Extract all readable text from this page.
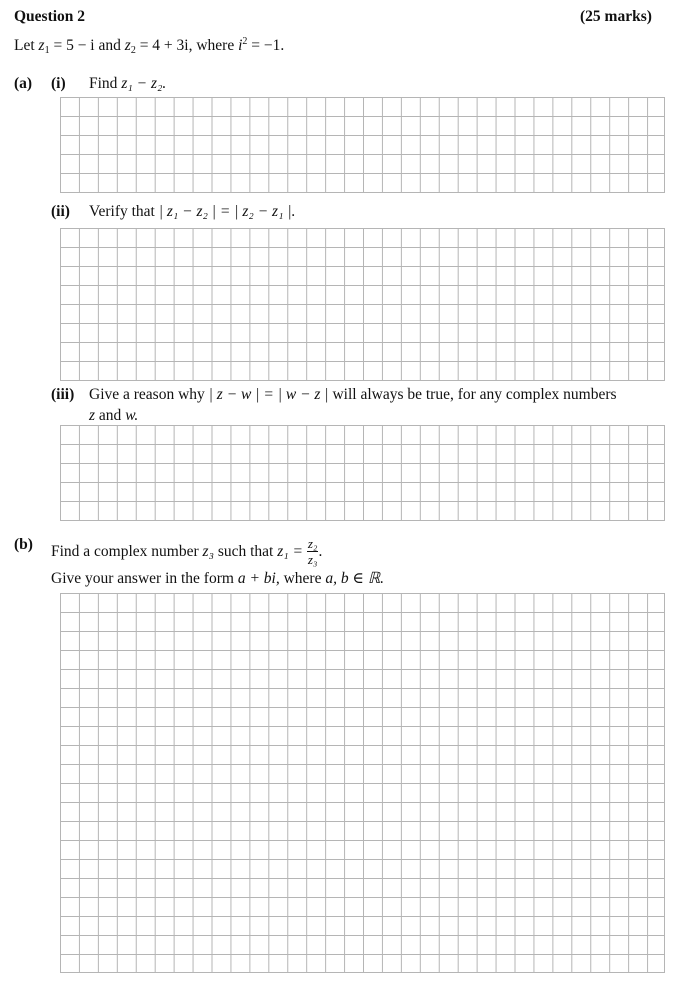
Question 2	(25 marks)
Let $z_1 = 5 - i$ and $z_2 = 4 + 3i$, where $i^2 = -1$.
(a) (i) Find z₁ − z₂.
(ii) Verify that | z₁ − z₂ | = | z₂ − z₁ |.
(iii) Give a reason why | z − w | = | w − z | will always be true, for any complex numbers
z and w.
(b) Find a complex number z₃ such that $z_1 = \frac{\text{z₂}}{\text{z₃}}$ .
Give your answer in the form a + bi, where a, b ∈ ℝ.
